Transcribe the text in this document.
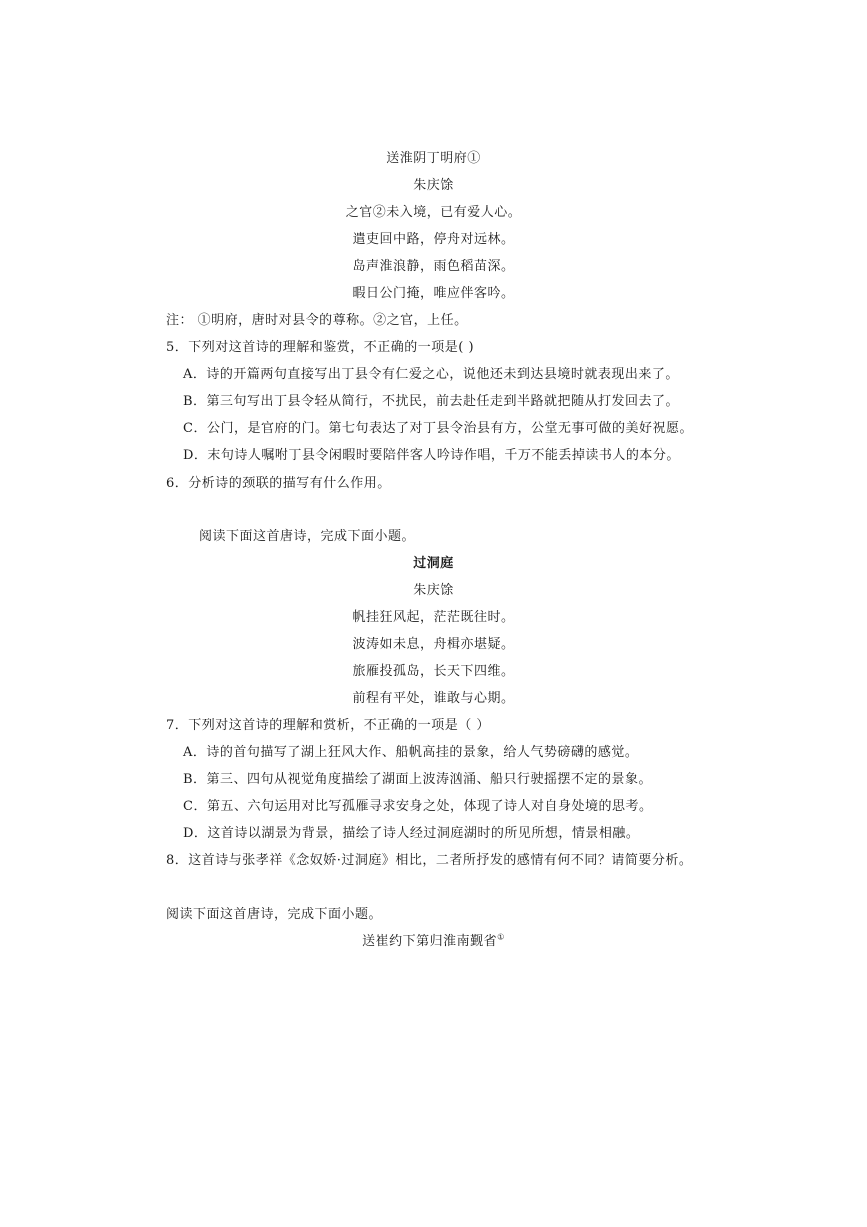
送淮阴丁明府①
朱庆馀
之官②未入境，已有爱人心。
遣吏回中路，停舟对远林。
岛声淮浪静，雨色稻苗深。
暇日公门掩，唯应伴客吟。
注： ①明府，唐时对县令的尊称。②之官，上任。
5．下列对这首诗的理解和鉴赏，不正确的一项是( )
A．诗的开篇两句直接写出丁县令有仁爱之心，说他还未到达县境时就表现出来了。
B．第三句写出丁县令轻从简行，不扰民，前去赴任走到半路就把随从打发回去了。
C．公门，是官府的门。第七句表达了对丁县令治县有方，公堂无事可做的美好祝愿。
D．末句诗人嘱咐丁县令闲暇时要陪伴客人吟诗作唱，千万不能丢掉读书人的本分。
6．分析诗的颈联的描写有什么作用。
阅读下面这首唐诗，完成下面小题。
过洞庭
朱庆馀
帆挂狂风起，茫茫既往时。
波涛如未息，舟楫亦堪疑。
旅雁投孤岛，长天下四维。
前程有平处，谁敢与心期。
7．下列对这首诗的理解和赏析，不正确的一项是（ ）
A．诗的首句描写了湖上狂风大作、船帆高挂的景象，给人气势磅礴的感觉。
B．第三、四句从视觉角度描绘了湖面上波涛汹涌、船只行驶摇摆不定的景象。
C．第五、六句运用对比写孤雁寻求安身之处，体现了诗人对自身处境的思考。
D．这首诗以湖景为背景，描绘了诗人经过洞庭湖时的所见所想，情景相融。
8．这首诗与张孝祥《念奴娇·过洞庭》相比，二者所抒发的感情有何不同？请简要分析。
阅读下面这首唐诗，完成下面小题。
送崔约下第归淮南觐省①
